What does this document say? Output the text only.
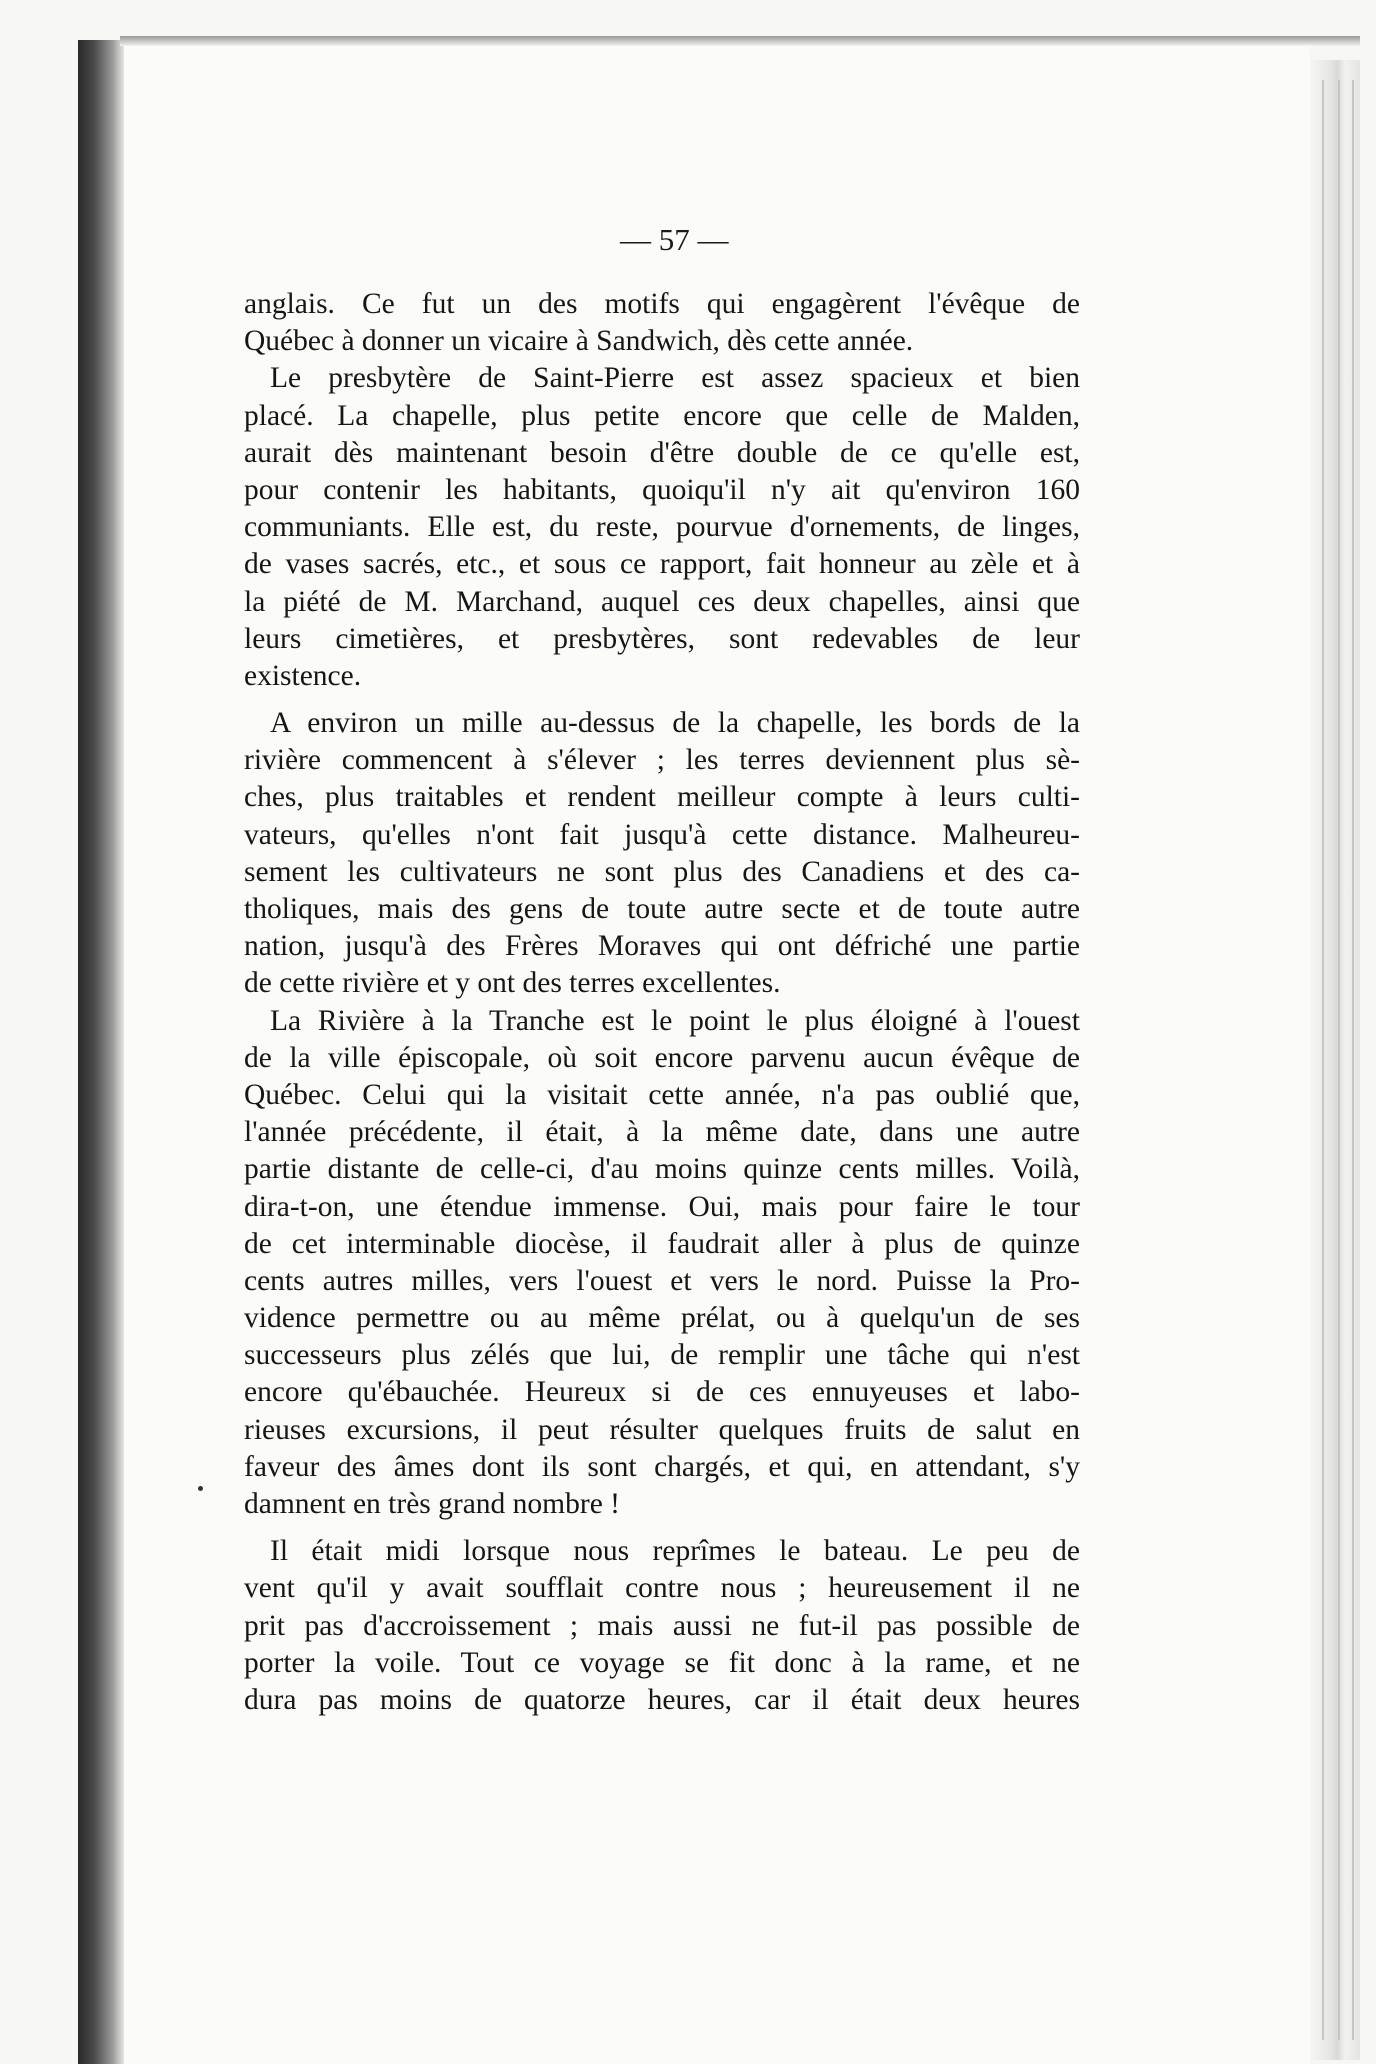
— 57 —

anglais. Ce fut un des motifs qui engagèrent l'évêque de
Québec à donner un vicaire à Sandwich, dès cette année.

Le presbytère de Saint-Pierre est assez spacieux et bien
placé. La chapelle, plus petite encore que celle de Malden,
aurait dès maintenant besoin d'être double de ce qu'elle est,
pour contenir les habitants, quoiqu'il n'y ait qu'environ 160
communiants. Elle est, du reste, pourvue d'ornements, de linges,
de vases sacrés, etc., et sous ce rapport, fait honneur au zèle et à
la piété de M. Marchand, auquel ces deux chapelles, ainsi que
leurs cimetières, et presbytères, sont redevables de leur
existence.

A environ un mille au-dessus de la chapelle, les bords de la
rivière commencent à s'élever ; les terres deviennent plus sè-
ches, plus traitables et rendent meilleur compte à leurs culti-
vateurs, qu'elles n'ont fait jusqu'à cette distance. Malheureu-
sement les cultivateurs ne sont plus des Canadiens et des ca-
tholiques, mais des gens de toute autre secte et de toute autre
nation, jusqu'à des Frères Moraves qui ont défriché une partie
de cette rivière et y ont des terres excellentes.

La Rivière à la Tranche est le point le plus éloigné à l'ouest
de la ville épiscopale, où soit encore parvenu aucun évêque de
Québec. Celui qui la visitait cette année, n'a pas oublié que,
l'année précédente, il était, à la même date, dans une autre
partie distante de celle-ci, d'au moins quinze cents milles. Voilà,
dira-t-on, une étendue immense. Oui, mais pour faire le tour
de cet interminable diocèse, il faudrait aller à plus de quinze
cents autres milles, vers l'ouest et vers le nord. Puisse la Pro-
vidence permettre ou au même prélat, ou à quelqu'un de ses
successeurs plus zélés que lui, de remplir une tâche qui n'est
encore qu'ébauchée. Heureux si de ces ennuyeuses et labo-
rieuses excursions, il peut résulter quelques fruits de salut en
faveur des âmes dont ils sont chargés, et qui, en attendant, s'y
damnent en très grand nombre !

Il était midi lorsque nous reprîmes le bateau. Le peu de
vent qu'il y avait soufflait contre nous ; heureusement il ne
prit pas d'accroissement ; mais aussi ne fut-il pas possible de
porter la voile. Tout ce voyage se fit donc à la rame, et ne
dura pas moins de quatorze heures, car il était deux heures
